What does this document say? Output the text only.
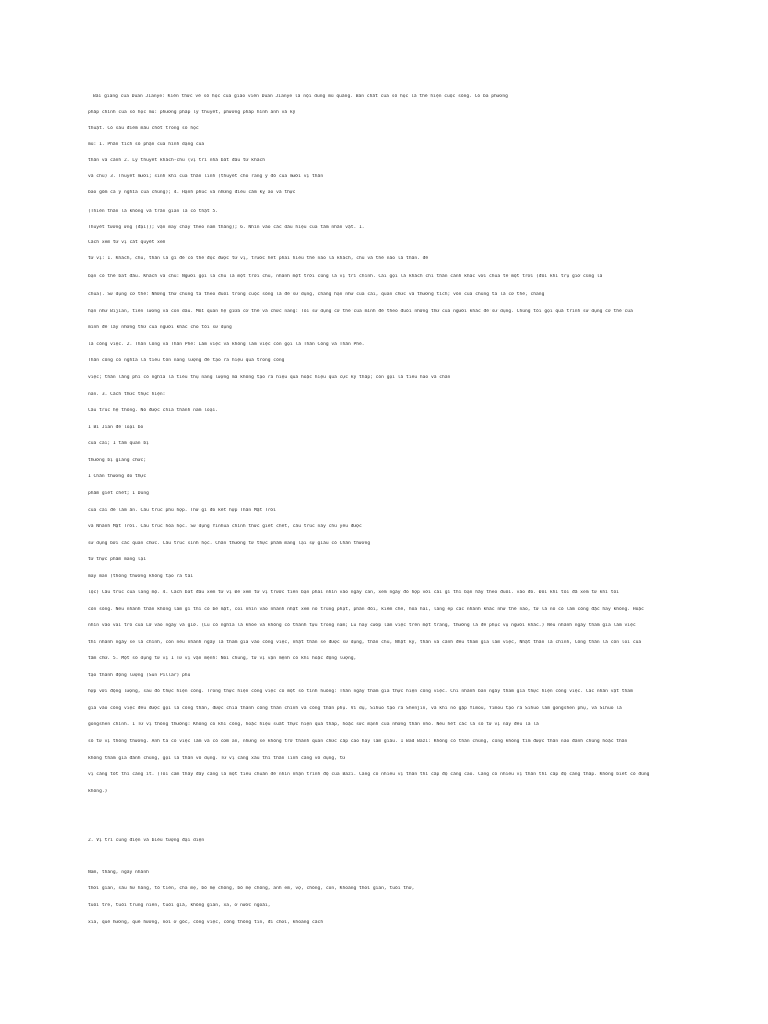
Bài giảng của Duan Jianye: Kiến thức về số học của giáo viên Duan Jianye là nội dung mù quáng. Bản chất của số học là thể hiện cuộc sống. Có ba phương
pháp chính của số học mù: phương pháp lý thuyết, phương pháp hình ảnh và kỹ
thuật. Có sáu điểm mấu chốt trong số học
mù: 1. Phân tích số phận của hình dạng của
thân và cánh 2. Lý thuyết khách-chủ (vị trí nhà bất đầu từ khách
và chủ) 3. Thuyết mười; sinh khí của thần linh (thuyết cho rằng ý đồ của mười vị thần
bao gồm cả ý nghĩa của chúng); 4. Hạnh phúc và những điều cấm kỵ ảo và thực
(Thiên thần là không và trần gian là có thật 5.
Thuyết tương ứng (đại)); vận may chảy theo năm tháng); 6. Nhìn vào các dấu hiệu của tâm nhân vật. 1.
Cách xem tứ vị cát quyết xem
tứ vị: 1. Khách, chủ, thần là gì để có thể đọc được tứ vị, trước hết phải hiểu thế nào là khách, chủ và thế nào là thần. để
bạn có thể bắt đầu. Khách và chủ: Người gọi là chủ là một trời chủ, nhánh một trời cũng là vị trí chính. Cái gọi là khách chỉ thân cành khác với chủa tể một trời (đối khi trụ giờ cũng là
chủa). Sử dụng cơ thể: Những thứ chúng ta theo đuổi trong cuộc sống là để sử dụng, chẳng hạn như của cải, quan chức và thương tích; vốn của chúng ta là cơ thể, chẳng
hạn như Bijian, tiền lương và con dấu. Mỗi quan hệ giữa cơ thể và chức năng: Tôi sử dụng cơ thể của mình để theo đuổi những thứ của người khác để sử dụng. Chúng tôi gọi quá trình sử dụng cơ thể của
mình để lấy những thứ của người khác cho tôi sử dụng
là công việc. 2. Thần Công và Thần Phế: Làm việc và không làm việc còn gọi là Thần Công và Thần Phế.
Thần công có nghĩa là tiêu tốn năng lượng để tạo ra hiệu quả trong công
việc; thần lãng phí có nghĩa là tiêu thụ năng lượng mà không tạo ra hiệu quả hoặc hiệu quả cực kỳ thấp; còn gọi là tiêu hao và chán
nản. 3. Cách thức thực hiện:
Cấu trúc hệ thống. Nó được chia thành năm loại.
1 Bi Jian để loại bỏ
của cải; 1 tâm quan bị
thường bị giảng chức;
1 Chấn thương do thực
phẩm giết chết; 1 Dùng
của cải để làm ấn. Cấu trúc phù hợp. Thứ gì đó kết hợp Thần Mặt Trời
và Nhánh Mặt Trời. Cấu trúc hóa học. Sử dụng Yinhua chính thức giết chết, cấu trúc này chủ yếu được
sử dụng bởi các quan chức. Cấu trúc sinh học. Chấn thương từ thực phẩm mang lại sự giàu có Chấn thương
từ thực phẩm mang lại
may mắn (thông thường không tạo ra tài
lộc) Cấu trúc của lăng mộ. 4. Cách bắt đầu xem tứ vị Để xem tứ vị trước tiên bạn phải nhìn vào ngày can, xem ngày đó hợp với cái gì thì bạn hãy theo đuổi. vào đó. Đôi khi tôi đã xem tứ khí tôi
còn sống. Nếu nhánh thân không làm gì thì có bề mặt, cõi nhìn vào nhánh nhật xem nó trùng phạt, phân đôi, kiềm chế, hòa hai, làng ép các nhánh khác như thế nào, từ là nó có làm công đặc hay không. Hoặc
nhìn vào vai trò của Lữ vào ngày và giờ. (Lu có nghĩa là khỏe và không có thánh tựu trong năm; Lu hay cướp làm việc trên một trăng, thường là để phục vụ người khác.) Nếu nhánh ngày tham gia làm việc
thì nhánh ngày sẽ là chính, còn nếu nhánh ngày là tham gia vào công việc, nhật thân sẽ được sử dụng, thân chủ, Nhật ký, thân và cành đều tham gia làm việc, Nhật thân là chính, Công thân là cốn lõi của
tâm chữ. 5. Một số dụng tứ vị 1 Tứ vị vận mệnh: Nói chung, tứ vị vận mệnh có khi hoặc động lượng,
tạo thành động lượng (Sun Pillar) phù
hợp với động lượng, sau đó thực hiện công. Trong thực hiện công việc có một số tình huống: Thân ngày tham gia thực hiện công việc. Chi nhánh bản ngày tham gia thực hiện công việc. Các nhân vật tham
gia vào công việc đều được gọi là công thần, được chia thành công thần chính và công thần phụ. Ví dụ, Sihuo tạo ra Shenjin, và khi nó gặp Yimou, Yimou tạo ra Sihuo làm gongshen phụ, và Sihuo là
gongshen chính. 1 Tứ vị thông thường: Không có khi công, hoặc hiệu suất thực hiện quá thấp, hoặc sức mạnh của những thần nhỏ. Nếu hết các là số tứ vị này đều là là
số tứ vị thông thường. Anh ta có việc làm và có cơm ăn, nhưng sẽ không trở thành quan chức cấp cao hay làm giàu. 1 Bad Bazi: Không có thần chúng, cũng không tìm được thần nào đánh chúng hoặc thần
không tham gia đánh chúng, gọi là thần vô dụng. Tứ vị càng xấu thì thần linh càng vô dụng, tứ
vị càng tốt thì càng ít. (Tôi cảm thấy đây càng là một tiêu chuẩn để nhìn nhận trình độ của Bazi. Càng có nhiều vị thần thì cấp độ càng cao. Càng có nhiều vị thần thì cấp độ càng thấp. Không biết có đúng
không.)
2. Vị trí cung điện và biểu tượng đại diện
Năm, tháng, ngày nhánh
thời gian, sâu hư hàng, tổ tiên, cha mẹ, bố mẹ chồng, bố mẹ chồng, anh em, vợ, chồng, con, Khoảng thời gian, tuổi thơ,
tuổi trẻ, tuổi trung niên, tuổi già, không gian, xa, ở nước ngoài,
xia, quê hương, quê hương, nơi ở gốc, công việc, cổng thông tin, đi chơi, khoảng cách
